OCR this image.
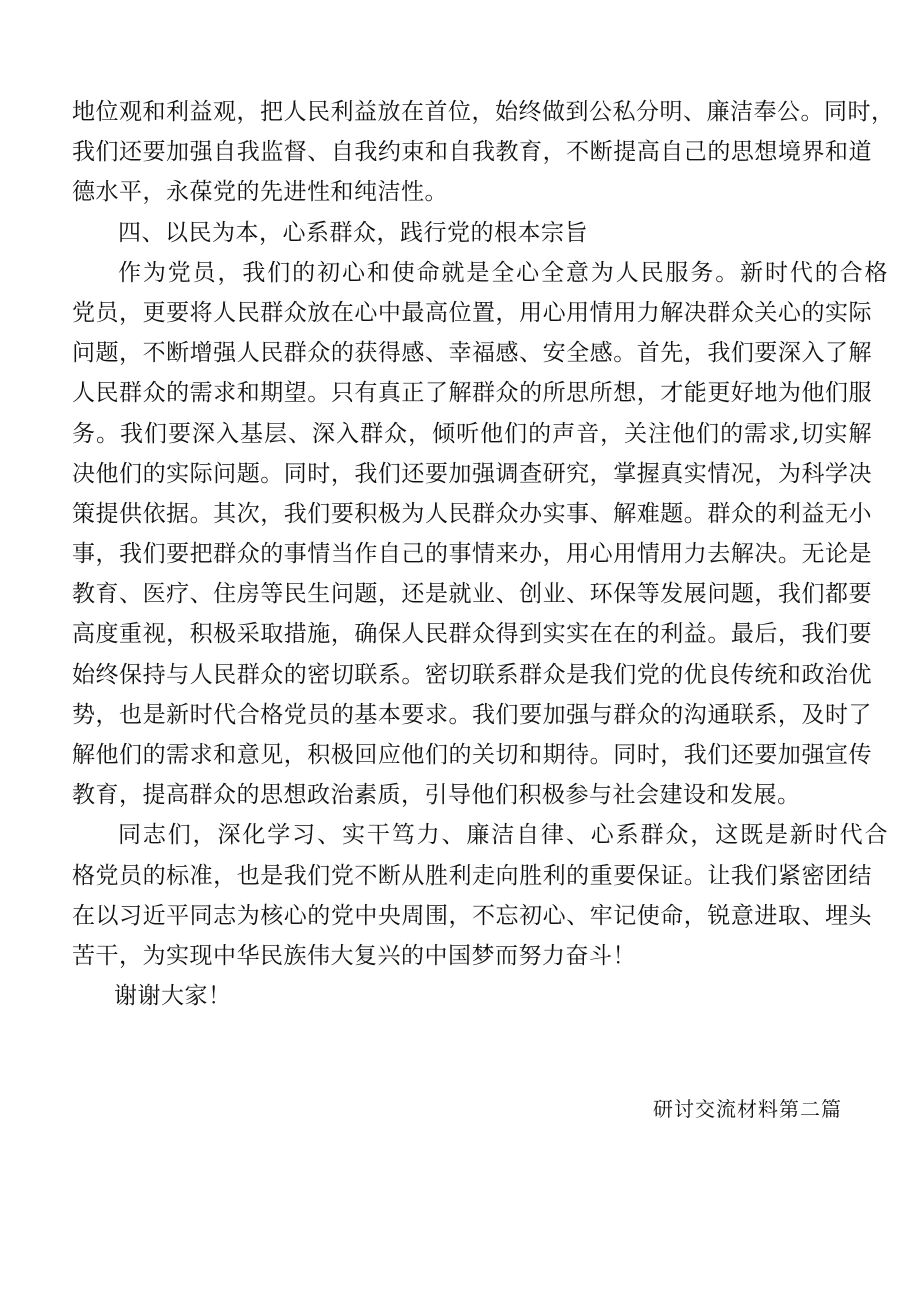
地位观和利益观，把人民利益放在首位，始终做到公私分明、廉洁奉公。同时，
我们还要加强自我监督、自我约束和自我教育，不断提高自己的思想境界和道
德水平，永葆党的先进性和纯洁性。
四、以民为本，心系群众，践行党的根本宗旨
作为党员，我们的初心和使命就是全心全意为人民服务。新时代的合格
党员，更要将人民群众放在心中最高位置，用心用情用力解决群众关心的实际
问题，不断增强人民群众的获得感、幸福感、安全感。首先，我们要深入了解
人民群众的需求和期望。只有真正了解群众的所思所想，才能更好地为他们服
务。我们要深入基层、深入群众，倾听他们的声音，关注他们的需求,切实解
决他们的实际问题。同时，我们还要加强调查研究，掌握真实情况，为科学决
策提供依据。其次，我们要积极为人民群众办实事、解难题。群众的利益无小
事，我们要把群众的事情当作自己的事情来办，用心用情用力去解决。无论是
教育、医疗、住房等民生问题，还是就业、创业、环保等发展问题，我们都要
高度重视，积极采取措施，确保人民群众得到实实在在的利益。最后，我们要
始终保持与人民群众的密切联系。密切联系群众是我们党的优良传统和政治优
势，也是新时代合格党员的基本要求。我们要加强与群众的沟通联系，及时了
解他们的需求和意见，积极回应他们的关切和期待。同时，我们还要加强宣传
教育，提高群众的思想政治素质，引导他们积极参与社会建设和发展。
同志们，深化学习、实干笃力、廉洁自律、心系群众，这既是新时代合
格党员的标准，也是我们党不断从胜利走向胜利的重要保证。让我们紧密团结
在以习近平同志为核心的党中央周围，不忘初心、牢记使命，锐意进取、埋头
苦干，为实现中华民族伟大复兴的中国梦而努力奋斗！
谢谢大家！
研讨交流材料第二篇
